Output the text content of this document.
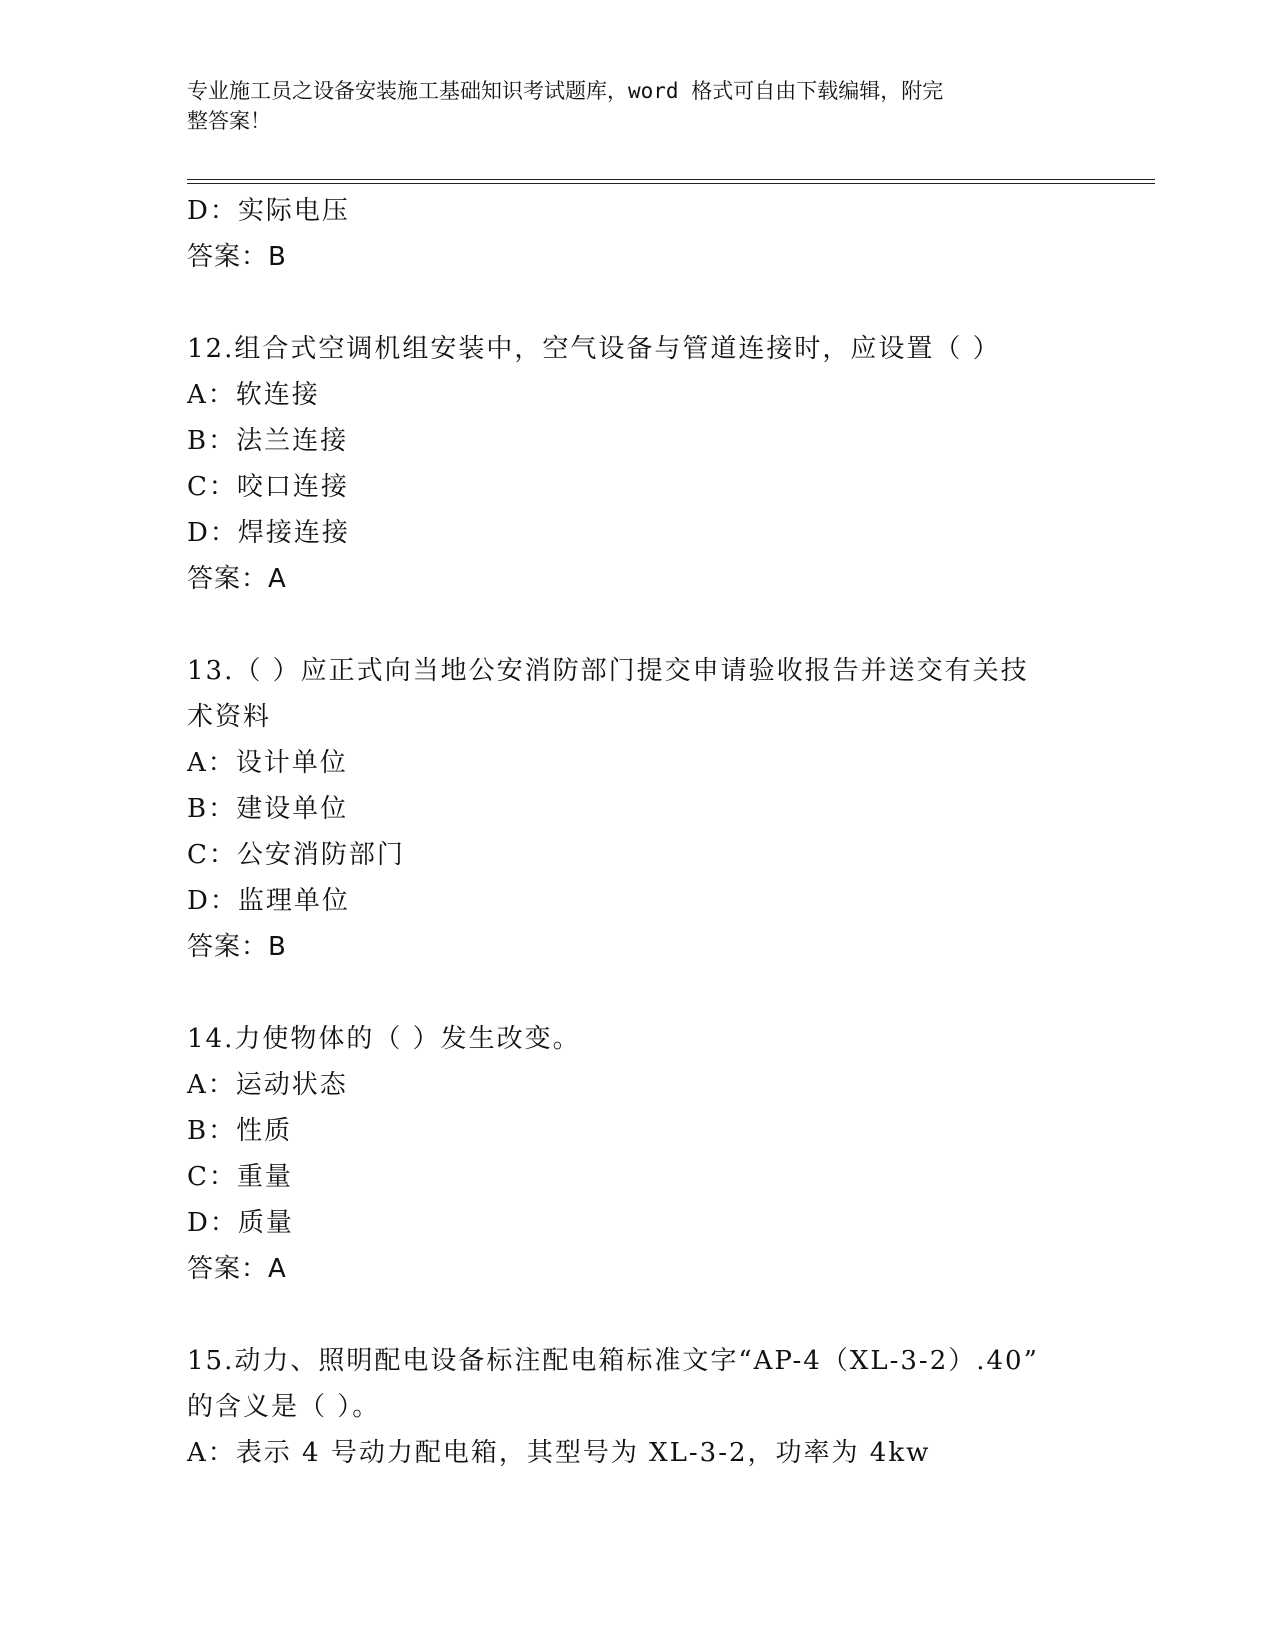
专业施工员之设备安装施工基础知识考试题库，word 格式可自由下载编辑，附完
整答案！
D：实际电压
答案：B
12.组合式空调机组安装中，空气设备与管道连接时，应设置（ ）
A：软连接
B：法兰连接
C：咬口连接
D：焊接连接
答案：A
13.（ ）应正式向当地公安消防部门提交申请验收报告并送交有关技
术资料
A：设计单位
B：建设单位
C：公安消防部门
D：监理单位
答案：B
14.力使物体的（ ）发生改变。
A：运动状态
B：性质
C：重量
D：质量
答案：A
15.动力、照明配电设备标注配电箱标准文字“AP-4（XL-3-2）.40”
的含义是（ ）。
A：表示 4 号动力配电箱，其型号为 XL-3-2，功率为 4kw
